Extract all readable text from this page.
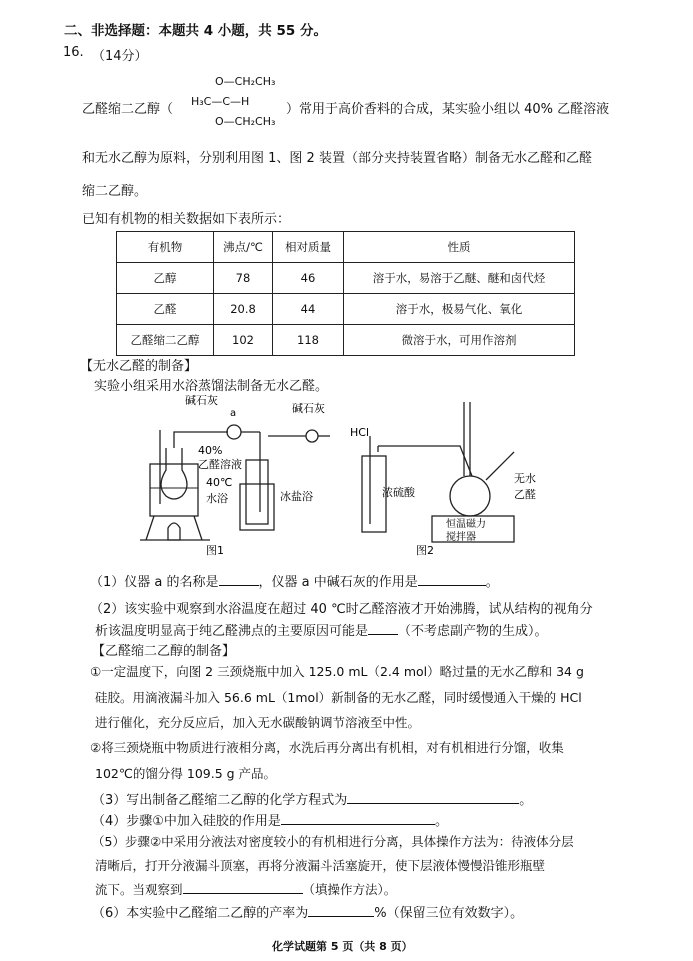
二、非选择题：本题共 4 小题，共 55 分。
16. （14分）
乙醛缩二乙醇（
O—CH₂CH₃
H₃C—C—H
O—CH₂CH₃
）常用于高价香料的合成，某实验小组以 40% 乙醛溶液
和无水乙醇为原料，分别利用图 1、图 2 装置（部分夹持装置省略）制备无水乙醛和乙醛
缩二乙醇。
已知有机物的相关数据如下表所示：
有机物	沸点/℃	相对质量	性质
乙醇	78	46	溶于水，易溶于乙醚、醚和卤代烃
乙醛	20.8	44	溶于水，极易气化、氧化
乙醛缩二乙醇	102	118	微溶于水，可用作溶剂
【无水乙醛的制备】
实验小组采用水浴蒸馏法制备无水乙醛。
碱石灰
a	碱石灰
40%
乙醛溶液
40℃
水浴	冰盐浴
图1
HCl
浓硫酸
无水
乙醛
恒温磁力
搅拌器
图2
（1）仪器 a 的名称是	，仪器 a 中碱石灰的作用是	。
（2）该实验中观察到水浴温度在超过 40 ℃时乙醛溶液才开始沸腾，试从结构的视角分
析该温度明显高于纯乙醛沸点的主要原因可能是 （不考虑副产物的生成）。
【乙醛缩二乙醇的制备】
①一定温度下，向图 2 三颈烧瓶中加入 125.0 mL（2.4 mol）略过量的无水乙醇和 34 g
硅胶。用滴液漏斗加入 56.6 mL（1mol）新制备的无水乙醛，同时缓慢通入干燥的 HCl
进行催化，充分反应后，加入无水碳酸钠调节溶液至中性。
②将三颈烧瓶中物质进行液相分离，水洗后再分离出有机相，对有机相进行分馏，收集
102℃的馏分得 109.5 g 产品。
（3）写出制备乙醛缩二乙醇的化学方程式为	。
（4）步骤①中加入硅胶的作用是	。
（5）步骤②中采用分液法对密度较小的有机相进行分离，具体操作方法为：待液体分层
清晰后，打开分液漏斗顶塞，再将分液漏斗活塞旋开，使下层液体慢慢沿锥形瓶壁
流下。当观察到	（填操作方法）。
（6）本实验中乙醛缩二乙醇的产率为	%（保留三位有效数字）。
化学试题第 5 页（共 8 页）
